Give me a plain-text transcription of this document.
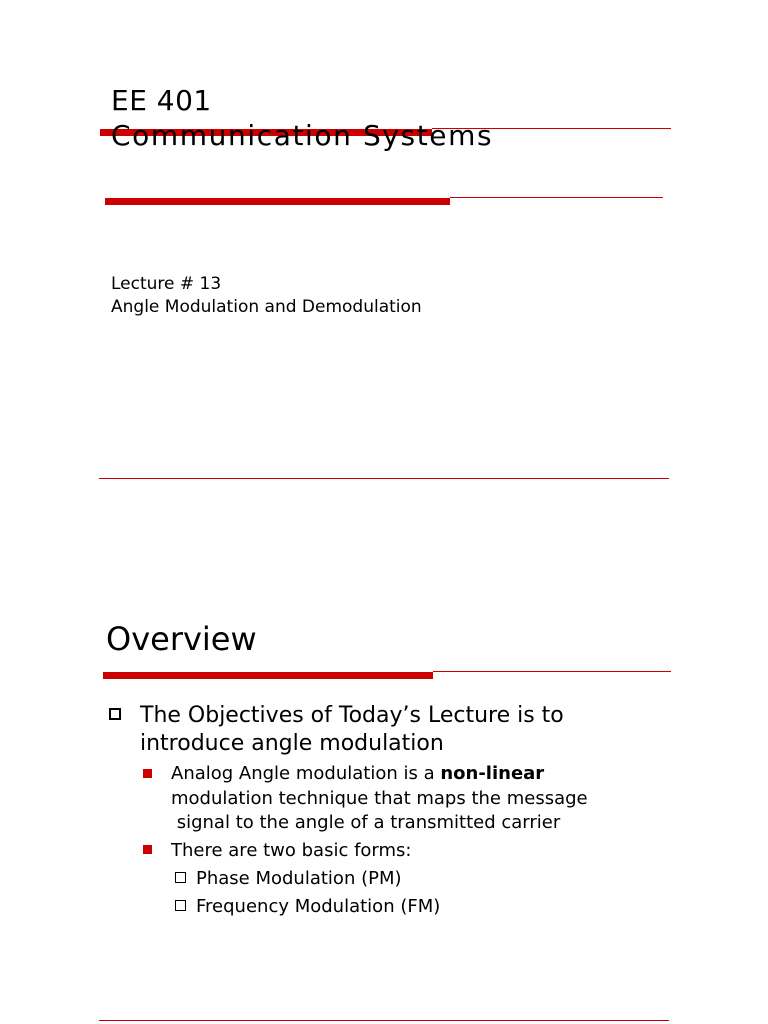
EE 401
Communication Systems
Lecture # 13
Angle Modulation and Demodulation
Overview
The Objectives of Today’s Lecture is to
introduce angle modulation
Analog Angle modulation is a non-linear
modulation technique that maps the message
signal to the angle of a transmitted carrier
There are two basic forms:
Phase Modulation (PM)
Frequency Modulation (FM)
